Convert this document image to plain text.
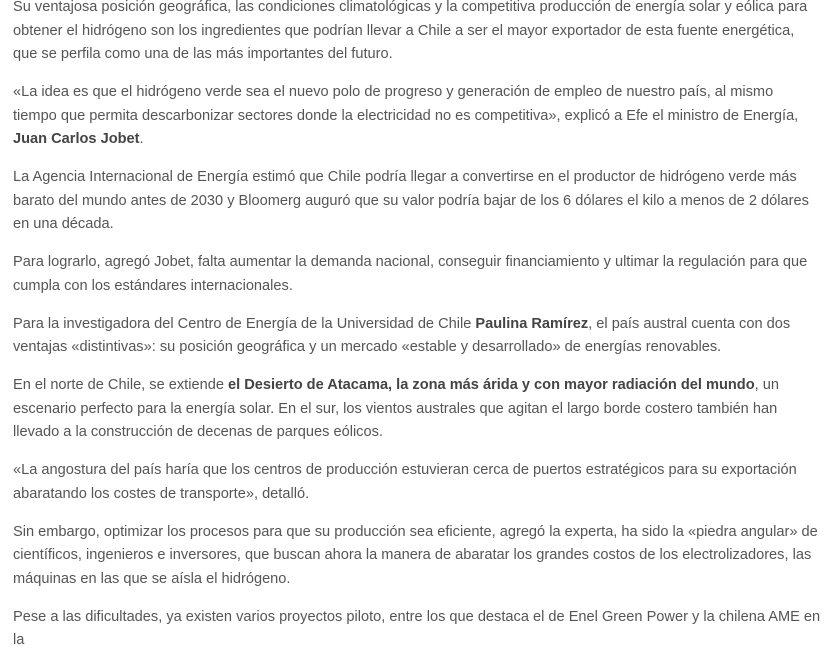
Su ventajosa posición geográfica, las condiciones climatológicas y la competitiva producción de energía solar y eólica para obtener el hidrógeno son los ingredientes que podrían llevar a Chile a ser el mayor exportador de esta fuente energética, que se perfila como una de las más importantes del futuro.

«La idea es que el hidrógeno verde sea el nuevo polo de progreso y generación de empleo de nuestro país, al mismo tiempo que permita descarbonizar sectores donde la electricidad no es competitiva», explicó a Efe el ministro de Energía, Juan Carlos Jobet.

La Agencia Internacional de Energía estimó que Chile podría llegar a convertirse en el productor de hidrógeno verde más barato del mundo antes de 2030 y Bloomerg auguró que su valor podría bajar de los 6 dólares el kilo a menos de 2 dólares en una década.

Para lograrlo, agregó Jobet, falta aumentar la demanda nacional, conseguir financiamiento y ultimar la regulación para que cumpla con los estándares internacionales.

Para la investigadora del Centro de Energía de la Universidad de Chile Paulina Ramírez, el país austral cuenta con dos ventajas «distintivas»: su posición geográfica y un mercado «estable y desarrollado» de energías renovables.

En el norte de Chile, se extiende el Desierto de Atacama, la zona más árida y con mayor radiación del mundo, un escenario perfecto para la energía solar. En el sur, los vientos australes que agitan el largo borde costero también han llevado a la construcción de decenas de parques eólicos.

«La angostura del país haría que los centros de producción estuvieran cerca de puertos estratégicos para su exportación abaratando los costes de transporte», detalló.

Sin embargo, optimizar los procesos para que su producción sea eficiente, agregó la experta, ha sido la «piedra angular» de científicos, ingenieros e inversores, que buscan ahora la manera de abaratar los grandes costos de los electrolizadores, las máquinas en las que se aísla el hidrógeno.

Pese a las dificultades, ya existen varios proyectos piloto, entre los que destaca el de Enel Green Power y la chilena AME en la
